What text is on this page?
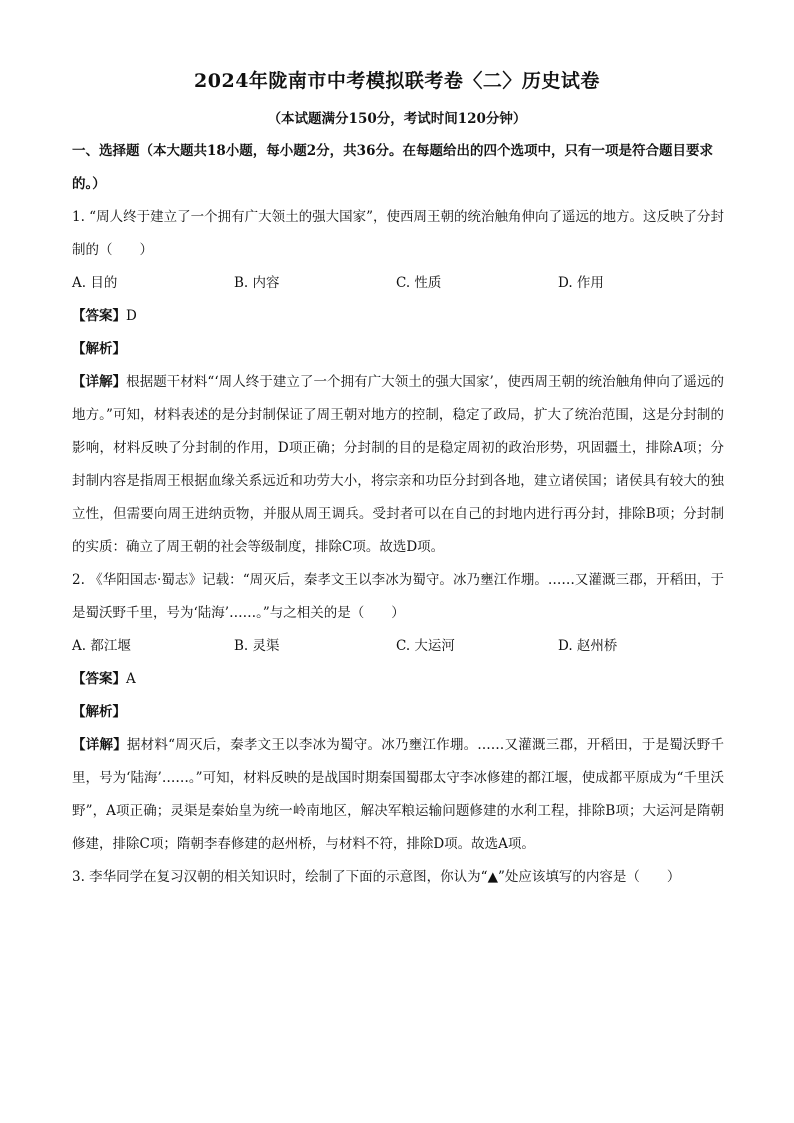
2024年陇南市中考模拟联考卷〈二〉历史试卷
（本试题满分150分，考试时间120分钟）

一、选择题（本大题共18小题，每小题2分，共36分。在每题给出的四个选项中，只有一项是符合题目要求的。）

1. “周人终于建立了一个拥有广大领土的强大国家”，使西周王朝的统治触角伸向了遥远的地方。这反映了分封制的（　　）

A. 目的	B. 内容	C. 性质	D. 作用

【答案】D

【解析】

【详解】根据题干材料“‘周人终于建立了一个拥有广大领土的强大国家’，使西周王朝的统治触角伸向了遥远的地方。”可知，材料表述的是分封制保证了周王朝对地方的控制，稳定了政局，扩大了统治范围，这是分封制的影响，材料反映了分封制的作用，D项正确；分封制的目的是稳定周初的政治形势，巩固疆土，排除A项；分封制内容是指周王根据血缘关系远近和功劳大小，将宗亲和功臣分封到各地，建立诸侯国；诸侯具有较大的独立性，但需要向周王进纳贡物，并服从周王调兵。受封者可以在自己的封地内进行再分封，排除B项；分封制的实质：确立了周王朝的社会等级制度，排除C项。故选D项。

2. 《华阳国志·蜀志》记载：“周灭后，秦孝文王以李冰为蜀守。冰乃壅江作堋。……又灌溉三郡，开稻田，于是蜀沃野千里，号为‘陆海’……。”与之相关的是（　　）

A. 都江堰	B. 灵渠	C. 大运河	D. 赵州桥

【答案】A

【解析】

【详解】据材料“周灭后，秦孝文王以李冰为蜀守。冰乃壅江作堋。……又灌溉三郡，开稻田，于是蜀沃野千里，号为‘陆海’……。”可知，材料反映的是战国时期秦国蜀郡太守李冰修建的都江堰，使成都平原成为“千里沃野”，A项正确；灵渠是秦始皇为统一岭南地区，解决军粮运输问题修建的水利工程，排除B项；大运河是隋朝修建，排除C项；隋朝李春修建的赵州桥，与材料不符，排除D项。故选A项。

3. 李华同学在复习汉朝的相关知识时，绘制了下面的示意图，你认为“▲”处应该填写的内容是（　　）
